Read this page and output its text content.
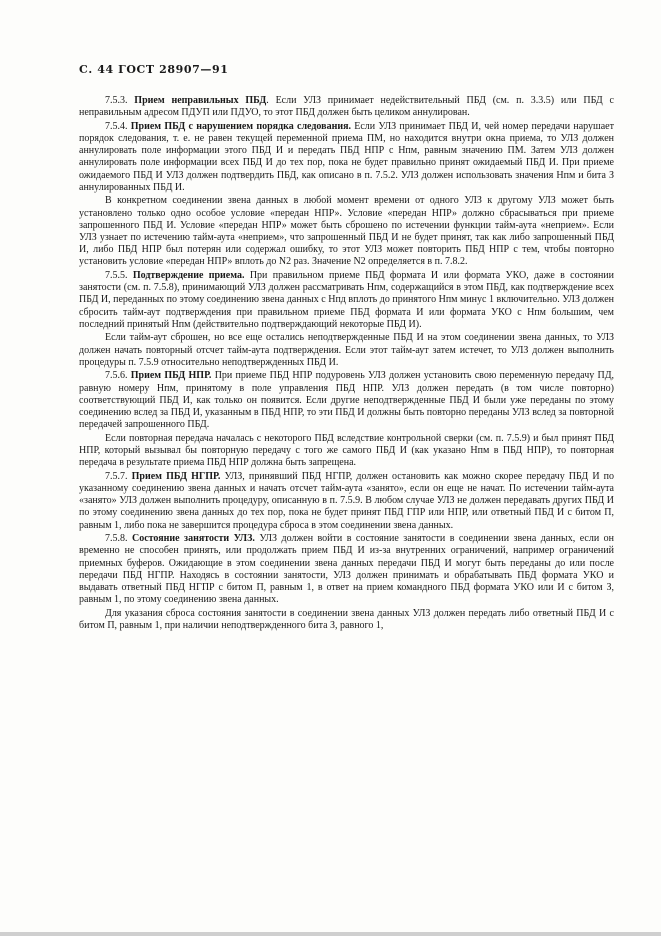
С. 44 ГОСТ 28907—91

7.5.3. Прием неправильных ПБД. Если УЛЗ принимает недействительный ПБД (см. п. 3.3.5) или ПБД с неправильным адресом ПДУП или ПДУО, то этот ПБД должен быть целиком аннулирован.

7.5.4. Прием ПБД с нарушением порядка следования. Если УЛЗ принимает ПБД И, чей номер передачи нарушает порядок следования, т. е. не равен текущей переменной приема ПМ, но находится внутри окна приема, то УЛЗ должен аннулировать поле информации этого ПБД И и передать ПБД НПР с Нпм, равным значению ПМ. Затем УЛЗ должен аннулировать поле информации всех ПБД И до тех пор, пока не будет правильно принят ожидаемый ПБД И. При приеме ожидаемого ПБД И УЛЗ должен подтвердить ПБД, как описано в п. 7.5.2. УЛЗ должен использовать значения Нпм и бита З аннулированных ПБД И.

В конкретном соединении звена данных в любой момент времени от одного УЛЗ к другому УЛЗ может быть установлено только одно особое условие «передан НПР». Условие «передан НПР» должно сбрасываться при приеме запрошенного ПБД И. Условие «передан НПР» может быть сброшено по истечении функции тайм-аута «неприем». Если УЛЗ узнает по истечению тайм-аута «неприем», что запрошенный ПБД И не будет принят, так как либо запрошенный ПБД И, либо ПБД НПР был потерян или содержал ошибку, то этот УЛЗ может повторить ПБД НПР с тем, чтобы повторно установить условие «передан НПР» вплоть до N2 раз. Значение N2 определяется в п. 7.8.2.

7.5.5. Подтверждение приема. При правильном приеме ПБД формата И или формата УКО, даже в состоянии занятости (см. п. 7.5.8), принимающий УЛЗ должен рассматривать Нпм, содержащийся в этом ПБД, как подтверждение всех ПБД И, переданных по этому соединению звена данных с Нпд вплоть до принятого Нпм минус 1 включительно. УЛЗ должен сбросить тайм-аут подтверждения при правильном приеме ПБД формата И или формата УКО с Нпм большим, чем последний принятый Нпм (действительно подтверждающий некоторые ПБД И).

Если тайм-аут сброшен, но все еще остались неподтвержденные ПБД И на этом соединении звена данных, то УЛЗ должен начать повторный отсчет тайм-аута подтверждения. Если этот тайм-аут затем истечет, то УЛЗ должен выполнить процедуры п. 7.5.9 относительно неподтвержденных ПБД И.

7.5.6. Прием ПБД НПР. При приеме ПБД НПР подуровень УЛЗ должен установить свою переменную передачу ПД, равную номеру Нпм, принятому в поле управления ПБД НПР. УЛЗ должен передать (в том числе повторно) соответствующий ПБД И, как только он появится. Если другие неподтвержденные ПБД И были уже переданы по этому соединению вслед за ПБД И, указанным в ПБД НПР, то эти ПБД И должны быть повторно переданы УЛЗ вслед за повторной передачей запрошенного ПБД.

Если повторная передача началась с некоторого ПБД вследствие контрольной сверки (см. п. 7.5.9) и был принят ПБД НПР, который вызывал бы повторную передачу с того же самого ПБД И (как указано Нпм в ПБД НПР), то повторная передача в результате приема ПБД НПР должна быть запрещена.

7.5.7. Прием ПБД НГПР. УЛЗ, принявший ПБД НГПР, должен остановить как можно скорее передачу ПБД И по указанному соединению звена данных и начать отсчет тайм-аута «занято», если он еще не начат. По истечении тайм-аута «занято» УЛЗ должен выполнить процедуру, описанную в п. 7.5.9. В любом случае УЛЗ не должен передавать других ПБД И по этому соединению звена данных до тех пор, пока не будет принят ПБД ГПР или НПР, или ответный ПБД И с битом П, равным 1, либо пока не завершится процедура сброса в этом соединении звена данных.

7.5.8. Состояние занятости УЛЗ. УЛЗ должен войти в состояние занятости в соединении звена данных, если он временно не способен принять, или продолжать прием ПБД И из-за внутренних ограничений, например ограничений приемных буферов. Ожидающие в этом соединении звена данных передачи ПБД И могут быть переданы до или после передачи ПБД НГПР. Находясь в состоянии занятости, УЛЗ должен принимать и обрабатывать ПБД формата УКО и выдавать ответный ПБД НГПР с битом П, равным 1, в ответ на прием командного ПБД формата УКО или И с битом З, равным 1, по этому соединению звена данных.

Для указания сброса состояния занятости в соединении звена данных УЛЗ должен передать либо ответный ПБД И с битом П, равным 1, при наличии неподтвержденного бита З, равного 1,
